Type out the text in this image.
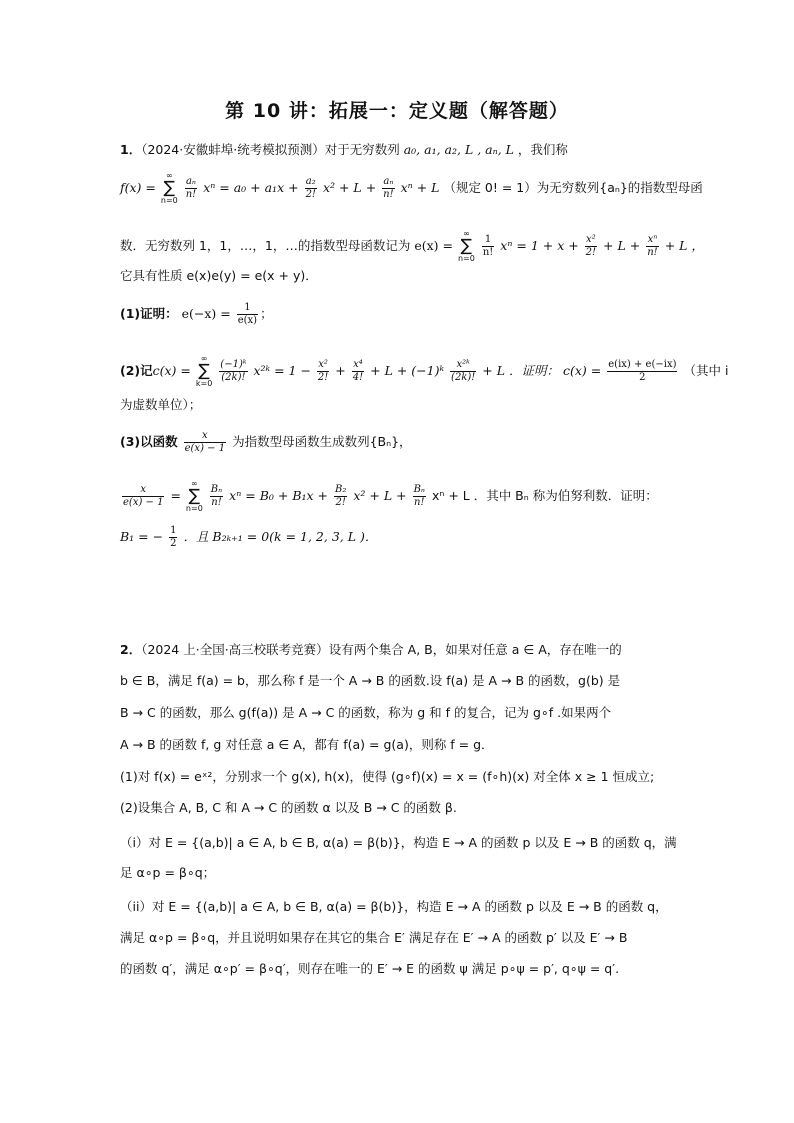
第 10 讲：拓展一：定义题（解答题）
1．（2024·安徽蚌埠·统考模拟预测）对于无穷数列 a₀, a₁, a₂, L , aₙ, L ，我们称
f(x) =
∞
∑
n=0
$\frac{\text{aₙ}}{n!}$ $x^n = a_0 + a_1x + \frac{\text{a₂}}{2!} x^2 + L + \frac{\text{aₙ}}{n!}$ xⁿ + L （规定 0! = 1）为无穷数列{aₙ}的指数型母函
数．无穷数列 1，1，…，1，…的指数型母函数记为 e(x) =
∞
∑
n=0
$\frac{1}{n!}$ $x^n = 1 + x + \frac{\text{x²}}{2!} + L + \frac{\text{xⁿ}}{n!} + L$ ，
它具有性质 e(x)e(y) = e(x + y)．
(1)证明： $e(-x) = \frac{1}{e(x)}$ ；
(2)记c(x) =
∞
∑
k=0
$\frac{\text{(−1)ᵏ}}{(2k)!}$ x²ᵏ = $1 - \frac{\text{x²}}{2!} + \frac{\text{x⁴}}{4!} + L$ + (−1)ᵏ $\frac{\text{x²ᵏ}}{(2k)!} + L$ ．证明： $c(x) = \frac{e(ix) + e(-ix)}{2}$ （其中 i
为虚数单位）；
(3)以函数 $\frac{x}{e(x) - 1}$ 为指数型母函数生成数列{Bₙ}，
$\frac{x}{e(x) - 1}$ =
∞
∑
n=0
$\frac{\text{Bₙ}}{n!}$ $x^n = B_0 + B_1x + \frac{\text{B₂}}{2!} x^2 + L + \frac{\text{Bₙ}}{n!}$ xⁿ + L ．其中 Bₙ 称为伯努利数．证明：
B₁ = − $\frac{1}{2}$ ．且 B₂ₖ₊₁ = 0(k = 1, 2, 3, L )．
2．（2024 上·全国·高三校联考竞赛）设有两个集合 A, B，如果对任意 a ∈ A，存在唯一的
b ∈ B，满足 f(a) = b，那么称 f 是一个 A → B 的函数.设 f(a) 是 A → B 的函数，g(b) 是
B → C 的函数，那么 g(f(a)) 是 A → C 的函数，称为 g 和 f 的复合，记为 g∘f .如果两个
A → B 的函数 f, g 对任意 a ∈ A，都有 f(a) = g(a)，则称 f = g．
(1)对 f(x) = eˣ²，分别求一个 g(x), h(x)，使得 (g∘f)(x) = x = (f∘h)(x) 对全体 x ≥ 1 恒成立;
(2)设集合 A, B, C 和 A → C 的函数 α 以及 B → C 的函数 β.
（i）对 E = {(a,b)| a ∈ A, b ∈ B, α(a) = β(b)}，构造 E → A 的函数 p 以及 E → B 的函数 q，满
足 α∘p = β∘q；
（ii）对 E = {(a,b)| a ∈ A, b ∈ B, α(a) = β(b)}，构造 E → A 的函数 p 以及 E → B 的函数 q，
满足 α∘p = β∘q，并且说明如果存在其它的集合 E′ 满足存在 E′ → A 的函数 p′ 以及 E′ → B
的函数 q′，满足 α∘p′ = β∘q′，则存在唯一的 E′ → E 的函数 ψ 满足 p∘ψ = p′, q∘ψ = q′.
